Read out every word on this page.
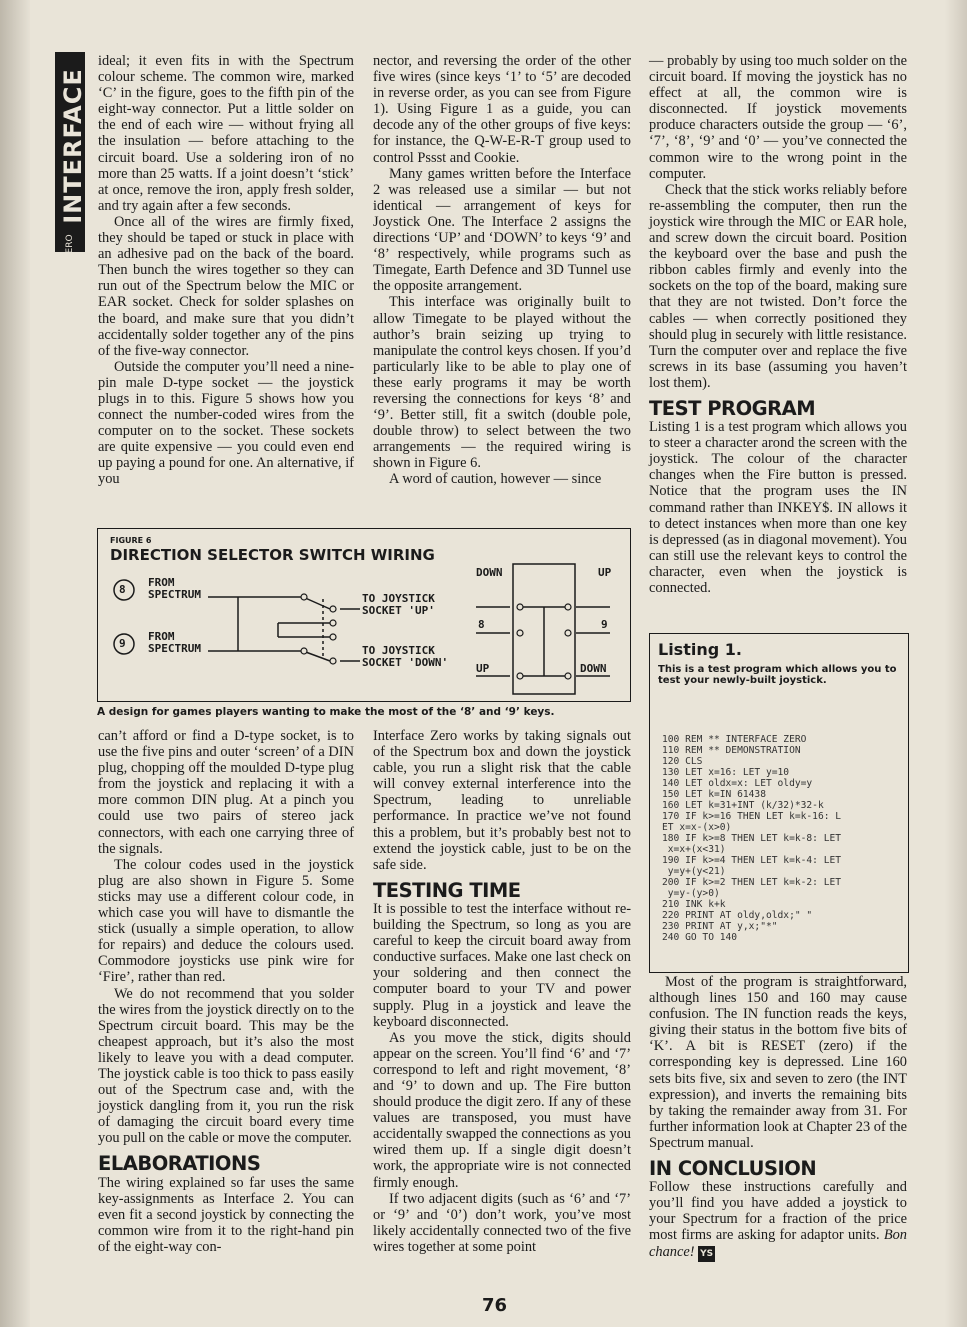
INTERFACE
ZERO

ideal; it even fits in with the Spectrum colour scheme. The common wire, marked ‘C’ in the figure, goes to the fifth pin of the eight-way connector. Put a little solder on the end of each wire — without frying all the insulation — before attaching to the circuit board. Use a soldering iron of no more than 25 watts. If a joint doesn’t ‘stick’ at once, remove the iron, apply fresh solder, and try again after a few seconds.

Once all of the wires are firmly fixed, they should be taped or stuck in place with an adhesive pad on the back of the board. Then bunch the wires together so they can run out of the Spectrum below the MIC or EAR socket. Check for solder splashes on the board, and make sure that you didn’t accidentally solder together any of the pins of the five-way connector.

Outside the computer you’ll need a nine-pin male D-type socket — the joystick plugs in to this. Figure 5 shows how you connect the number-coded wires from the computer on to the socket. These sockets are quite expensive — you could even end up paying a pound for one. An alternative, if you

nector, and reversing the order of the other five wires (since keys ‘1’ to ‘5’ are decoded in reverse order, as you can see from Figure 1). Using Figure 1 as a guide, you can decode any of the other groups of five keys: for instance, the Q-W-E-R-T group used to control Pssst and Cookie.

Many games written before the Interface 2 was released use a similar — but not identical — arrangement of keys for Joystick One. The Interface 2 assigns the directions ‘UP’ and ‘DOWN’ to keys ‘9’ and ‘8’ respectively, while programs such as Timegate, Earth Defence and 3D Tunnel use the opposite arrangement.

This interface was originally built to allow Timegate to be played without the author’s brain seizing up trying to manipulate the control keys chosen. If you’d particularly like to be able to play one of these early programs it may be worth reversing the connections for keys ‘8’ and ‘9’. Better still, fit a switch (double pole, double throw) to select between the two arrangements — the required wiring is shown in Figure 6.

A word of caution, however — since

— probably by using too much solder on the circuit board. If moving the joystick has no effect at all, the common wire is disconnected. If joystick movements produce characters outside the group — ‘6’, ‘7’, ‘8’, ‘9’ and ‘0’ — you’ve connected the common wire to the wrong point in the computer.

Check that the stick works reliably before re-assembling the computer, then run the joystick wire through the MIC or EAR hole, and screw down the circuit board. Position the keyboard over the base and push the ribbon cables firmly and evenly into the sockets on the top of the board, making sure that they are not twisted. Don’t force the cables — when correctly positioned they should plug in securely with little resistance. Turn the computer over and replace the five screws in its base (assuming you haven’t lost them).

TEST PROGRAM

Listing 1 is a test program which allows you to steer a character arond the screen with the joystick. The colour of the character changes when the Fire button is pressed. Notice that the program uses the IN command rather than INKEY$. IN allows it to detect instances when more than one key is depressed (as in diagonal movement). You can still use the relevant keys to control the character, even when the joystick is connected.

FIGURE 6
DIRECTION SELECTOR SWITCH WIRING
8
9
FROM
SPECTRUM
FROM
SPECTRUM
TO JOYSTICK
SOCKET 'UP'
TO JOYSTICK
SOCKET 'DOWN'
DOWN	UP
8	9
UP	DOWN
A design for games players wanting to make the most of the ‘8’ and ‘9’ keys.
Listing 1.
This is a test program which allows you to test your newly-built joystick.
100 REM ** INTERFACE ZERO
110 REM ** DEMONSTRATION
120 CLS
130 LET x=16: LET y=10
140 LET oldx=x: LET oldy=y
150 LET k=IN 61438
160 LET k=31+INT (k/32)*32-k
170 IF k>=16 THEN LET k=k-16: L
ET x=x-(x>0)
180 IF k>=8 THEN LET k=k-8: LET
x=x+(x<31)
190 IF k>=4 THEN LET k=k-4: LET
y=y+(y<21)
200 IF k>=2 THEN LET k=k-2: LET
y=y-(y>0)
210 INK k+k
220 PRINT AT oldy,oldx;" "
230 PRINT AT y,x;"*"
240 GO TO 140

can’t afford or find a D-type socket, is to use the five pins and outer ‘screen’ of a DIN plug, chopping off the moulded D-type plug from the joystick and replacing it with a more common DIN plug. At a pinch you could use two pairs of stereo jack connectors, with each one carrying three of the signals.

The colour codes used in the joystick plug are also shown in Figure 5. Some sticks may use a different colour code, in which case you will have to dismantle the stick (usually a simple operation, to allow for repairs) and deduce the colours used. Commodore joysticks use pink wire for ‘Fire’, rather than red.

We do not recommend that you solder the wires from the joystick directly on to the Spectrum circuit board. This may be the cheapest approach, but it’s also the most likely to leave you with a dead computer. The joystick cable is too thick to pass easily out of the Spectrum case and, with the joystick dangling from it, you run the risk of damaging the circuit board every time you pull on the cable or move the computer.

ELABORATIONS

The wiring explained so far uses the same key-assignments as Interface 2. You can even fit a second joystick by connecting the common wire from it to the right-hand pin of the eight-way con-

Interface Zero works by taking signals out of the Spectrum box and down the joystick cable, you run a slight risk that the cable will convey external interference into the Spectrum, leading to unreliable performance. In practice we’ve not found this a problem, but it’s probably best not to extend the joystick cable, just to be on the safe side.

TESTING TIME

It is possible to test the interface without re-building the Spectrum, so long as you are careful to keep the circuit board away from conductive surfaces. Make one last check on your soldering and then connect the computer board to your TV and power supply. Plug in a joystick and leave the keyboard disconnected.

As you move the stick, digits should appear on the screen. You’ll find ‘6’ and ‘7’ correspond to left and right movement, ‘8’ and ‘9’ to down and up. The Fire button should produce the digit zero. If any of these values are transposed, you must have accidentally swapped the connections as you wired them up. If a single digit doesn’t work, the appropriate wire is not connected firmly enough.

If two adjacent digits (such as ‘6’ and ‘7’ or ‘9’ and ‘0’) don’t work, you’ve most likely accidentally connected two of the five wires together at some point

Most of the program is straightforward, although lines 150 and 160 may cause confusion. The IN function reads the keys, giving their status in the bottom five bits of ‘K’. A bit is RESET (zero) if the corresponding key is depressed. Line 160 sets bits five, six and seven to zero (the INT expression), and inverts the remaining bits by taking the remainder away from 31. For further information look at Chapter 23 of the Spectrum manual.

IN CONCLUSION

Follow these instructions carefully and you’ll find you have added a joystick to your Spectrum for a fraction of the price most firms are asking for adaptor units. Bon chance! YS

76
